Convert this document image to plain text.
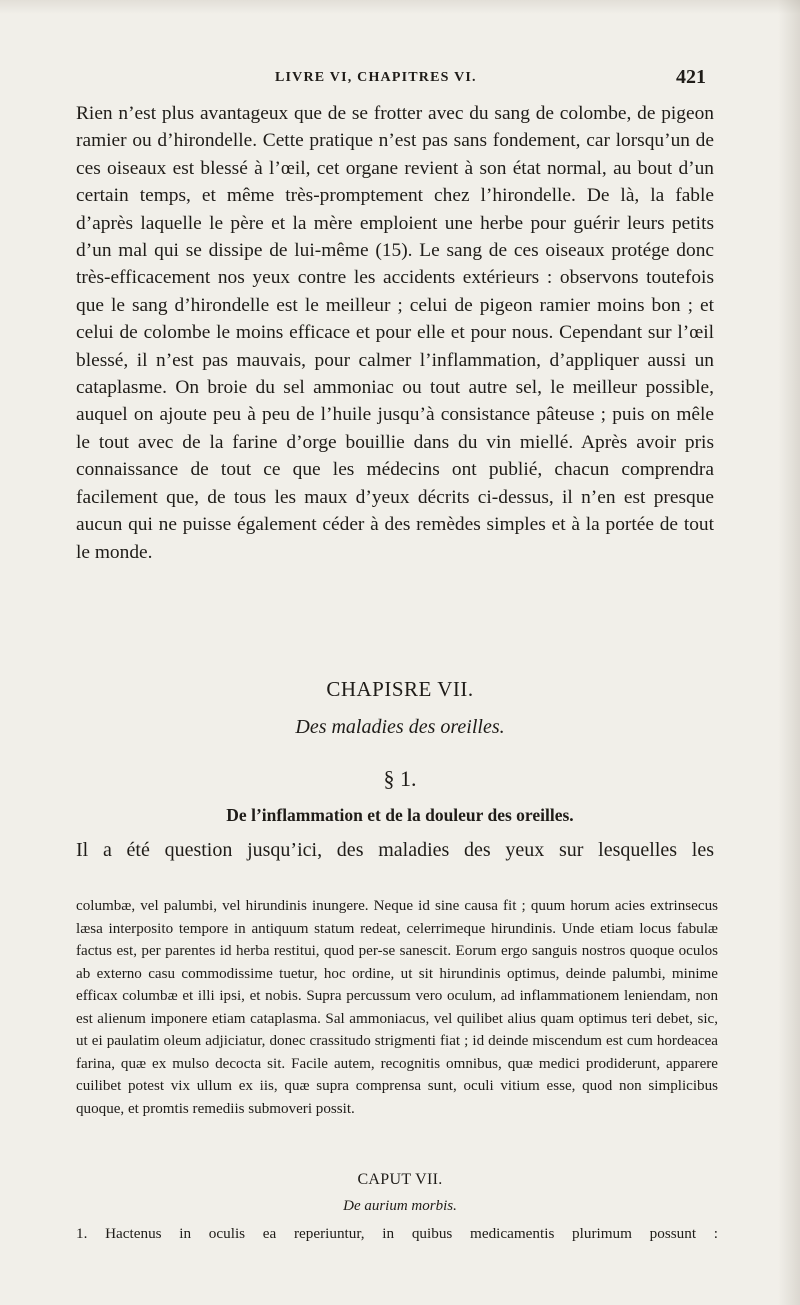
LIVRE VI, CHAPITRES VI.	421

Rien n’est plus avantageux que de se frotter avec du sang de colombe, de pigeon ramier ou d’hirondelle. Cette pratique n’est pas sans fondement, car lorsqu’un de ces oiseaux est blessé à l’œil, cet organe revient à son état normal, au bout d’un certain temps, et même très-promptement chez l’hirondelle. De là, la fable d’après laquelle le père et la mère emploient une herbe pour guérir leurs petits d’un mal qui se dissipe de lui-même (15). Le sang de ces oiseaux protége donc très-efficacement nos yeux contre les accidents extérieurs : observons toutefois que le sang d’hirondelle est le meilleur ; celui de pigeon ramier moins bon ; et celui de colombe le moins efficace et pour elle et pour nous. Cependant sur l’œil blessé, il n’est pas mauvais, pour calmer l’inflammation, d’appliquer aussi un cataplasme. On broie du sel ammoniac ou tout autre sel, le meilleur possible, auquel on ajoute peu à peu de l’huile jusqu’à consistance pâteuse ; puis on mêle le tout avec de la farine d’orge bouillie dans du vin miellé. Après avoir pris connaissance de tout ce que les médecins ont publié, chacun comprendra facilement que, de tous les maux d’yeux décrits ci-dessus, il n’en est presque aucun qui ne puisse également céder à des remèdes simples et à la portée de tout le monde.

CHAPISRE VII.
Des maladies des oreilles.
§ 1.
De l’inflammation et de la douleur des oreilles.
Il a été question jusqu’ici, des maladies des yeux sur lesquelles les

columbæ, vel palumbi, vel hirundinis inungere. Neque id sine causa fit ; quum horum acies extrinsecus læsa interposito tempore in antiquum statum redeat, celerrimeque hirundinis. Unde etiam locus fabulæ factus est, per parentes id herba restitui, quod per-se sanescit. Eorum ergo sanguis nostros quoque oculos ab externo casu commodissime tuetur, hoc ordine, ut sit hirundinis optimus, deinde palumbi, minime efficax columbæ et illi ipsi, et nobis. Supra percussum vero oculum, ad inflammationem leniendam, non est alienum imponere etiam cataplasma. Sal ammoniacus, vel quilibet alius quam optimus teri debet, sic, ut ei paulatim oleum adjiciatur, donec crassitudo strigmenti fiat ; id deinde miscendum est cum hordeacea farina, quæ ex mulso decocta sit. Facile autem, recognitis omnibus, quæ medici prodiderunt, apparere cuilibet potest vix ullum ex iis, quæ supra comprensa sunt, oculi vitium esse, quod non simplicibus quoque, et promtis remediis submoveri possit.

CAPUT VII.
De aurium morbis.
1. Hactenus in oculis ea reperiuntur, in quibus medicamentis plurimum possunt :
